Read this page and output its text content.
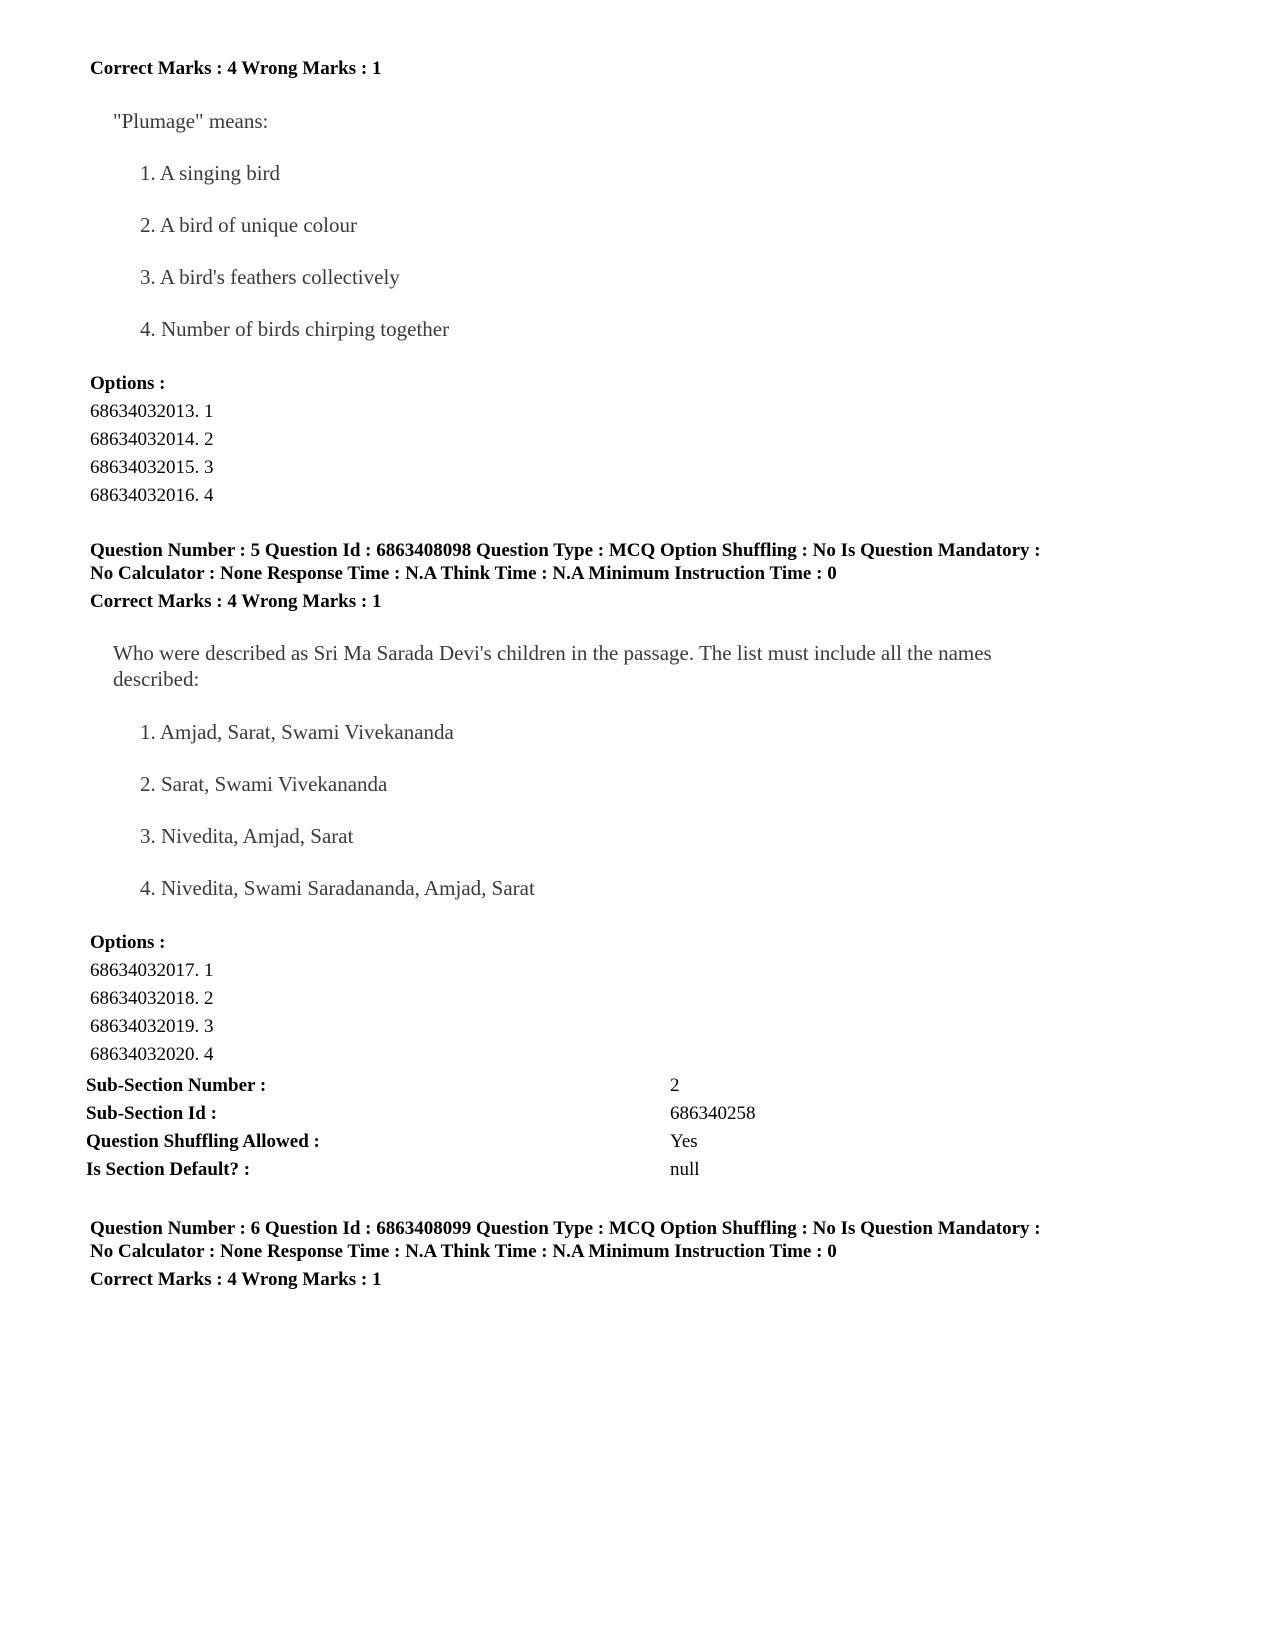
Correct Marks : 4 Wrong Marks : 1
"Plumage" means:
1. A singing bird
2. A bird of unique colour
3. A bird's feathers collectively
4. Number of birds chirping together
Options :
68634032013. 1
68634032014. 2
68634032015. 3
68634032016. 4
Question Number : 5 Question Id : 6863408098 Question Type : MCQ Option Shuffling : No Is Question Mandatory :
No Calculator : None Response Time : N.A Think Time : N.A Minimum Instruction Time : 0
Correct Marks : 4 Wrong Marks : 1
Who were described as Sri Ma Sarada Devi's children in the passage. The list must include all the names
described:
1. Amjad, Sarat, Swami Vivekananda
2. Sarat, Swami Vivekananda
3. Nivedita, Amjad, Sarat
4. Nivedita, Swami Saradananda, Amjad, Sarat
Options :
68634032017. 1
68634032018. 2
68634032019. 3
68634032020. 4
Sub-Section Number :	2
Sub-Section Id :	686340258
Question Shuffling Allowed :	Yes
Is Section Default? :	null
Question Number : 6 Question Id : 6863408099 Question Type : MCQ Option Shuffling : No Is Question Mandatory :
No Calculator : None Response Time : N.A Think Time : N.A Minimum Instruction Time : 0
Correct Marks : 4 Wrong Marks : 1
